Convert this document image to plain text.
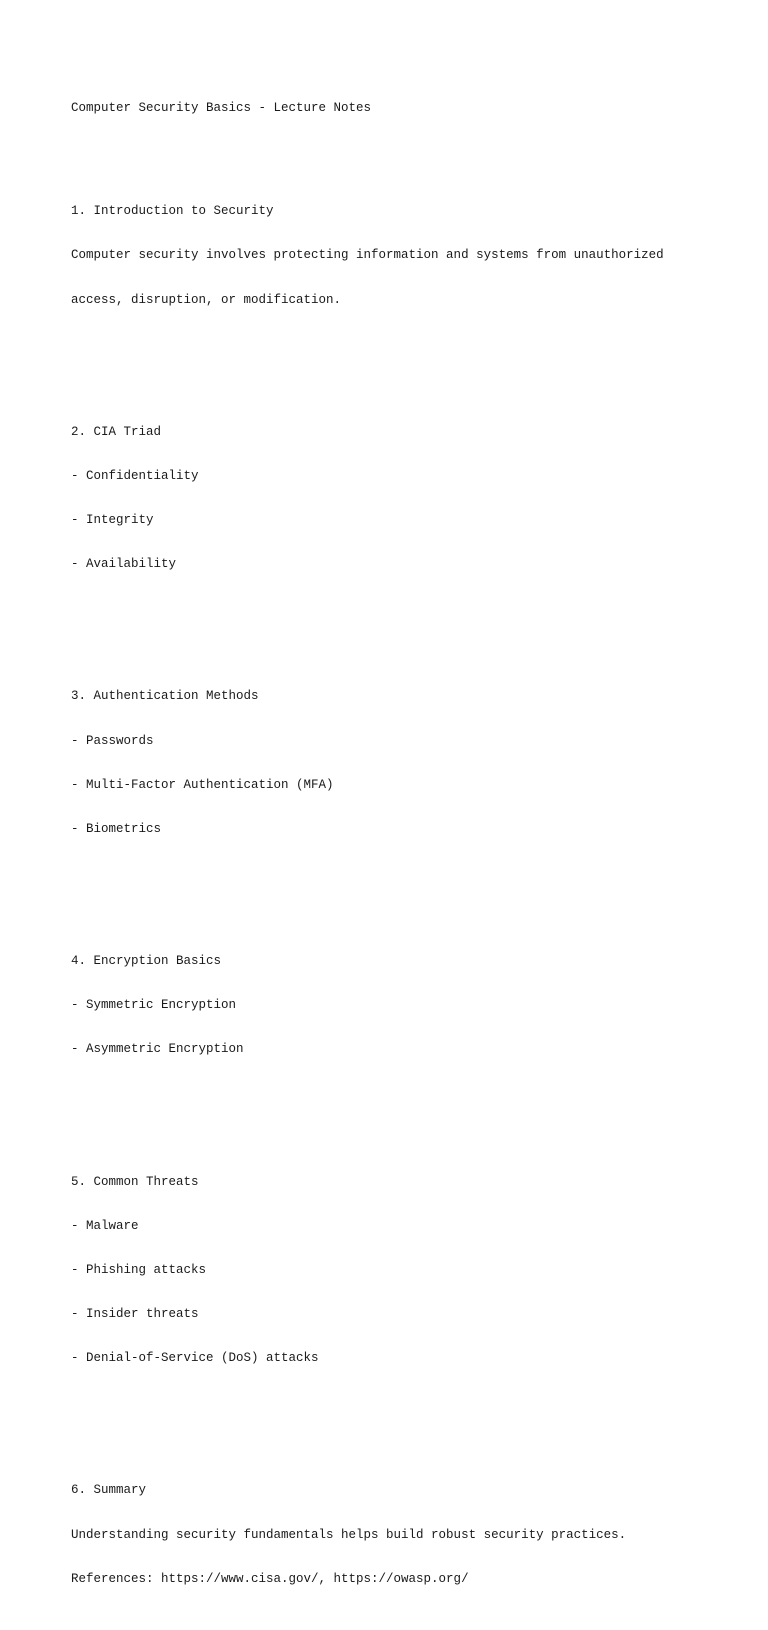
Computer Security Basics - Lecture Notes

1. Introduction to Security

Computer security involves protecting information and systems from unauthorized

access, disruption, or modification.

2. CIA Triad

- Confidentiality

- Integrity

- Availability

3. Authentication Methods

- Passwords

- Multi-Factor Authentication (MFA)

- Biometrics

4. Encryption Basics

- Symmetric Encryption

- Asymmetric Encryption

5. Common Threats

- Malware

- Phishing attacks

- Insider threats

- Denial-of-Service (DoS) attacks

6. Summary

Understanding security fundamentals helps build robust security practices.

References: https://www.cisa.gov/, https://owasp.org/
